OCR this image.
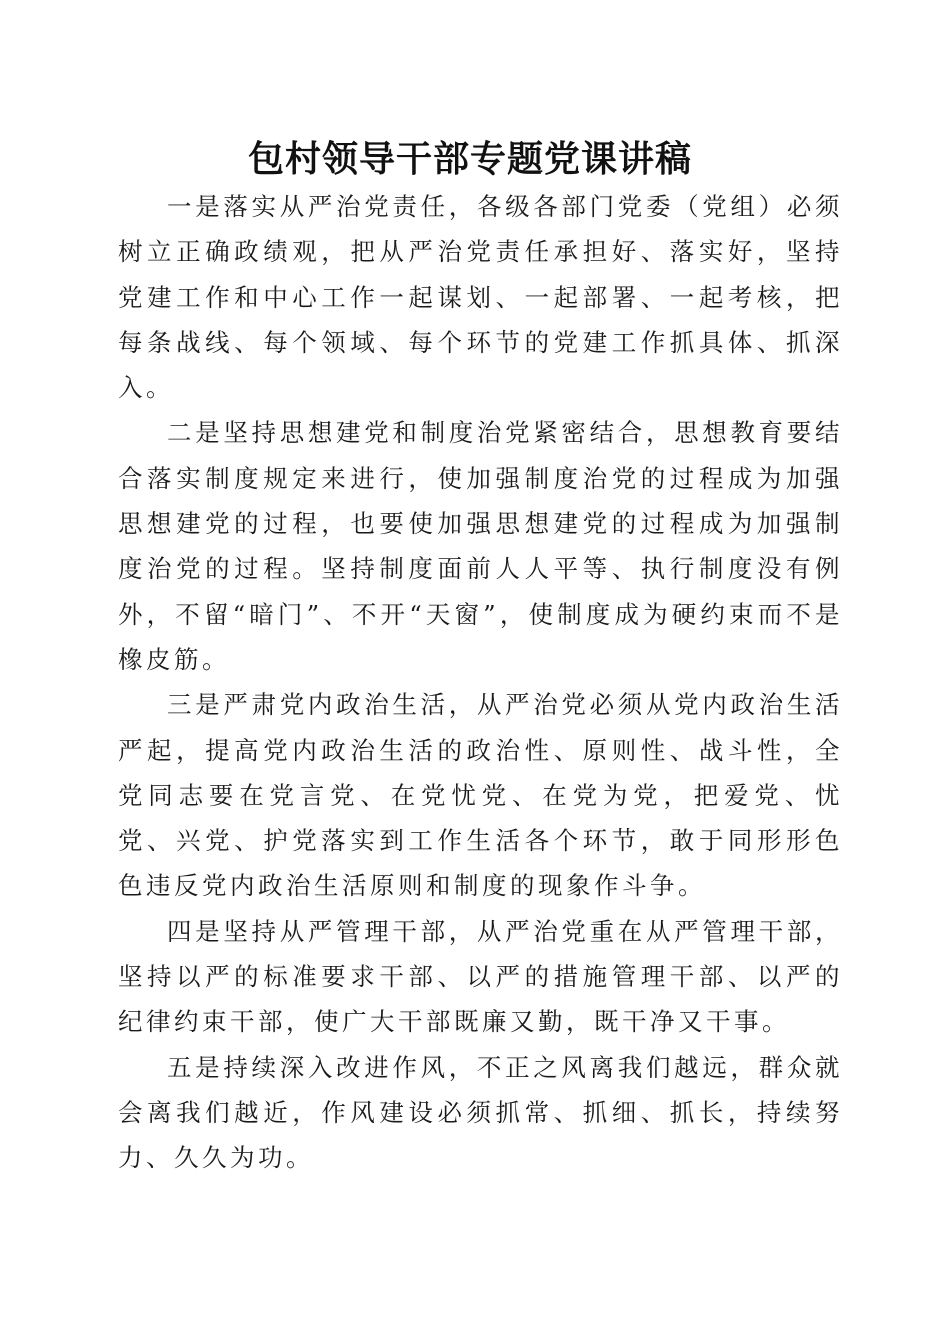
包村领导干部专题党课讲稿

一是落实从严治党责任，各级各部门党委（党组）必须树立正确政绩观，把从严治党责任承担好、落实好，坚持党建工作和中心工作一起谋划、一起部署、一起考核，把每条战线、每个领域、每个环节的党建工作抓具体、抓深入。

二是坚持思想建党和制度治党紧密结合，思想教育要结合落实制度规定来进行，使加强制度治党的过程成为加强思想建党的过程，也要使加强思想建党的过程成为加强制度治党的过程。坚持制度面前人人平等、执行制度没有例外，不留“暗门”、不开“天窗”，使制度成为硬约束而不是橡皮筋。

三是严肃党内政治生活，从严治党必须从党内政治生活严起，提高党内政治生活的政治性、原则性、战斗性，全党同志要在党言党、在党忧党、在党为党，把爱党、忧党、兴党、护党落实到工作生活各个环节，敢于同形形色色违反党内政治生活原则和制度的现象作斗争。

四是坚持从严管理干部，从严治党重在从严管理干部，坚持以严的标准要求干部、以严的措施管理干部、以严的纪律约束干部，使广大干部既廉又勤，既干净又干事。

五是持续深入改进作风，不正之风离我们越远，群众就会离我们越近，作风建设必须抓常、抓细、抓长，持续努力、久久为功。
